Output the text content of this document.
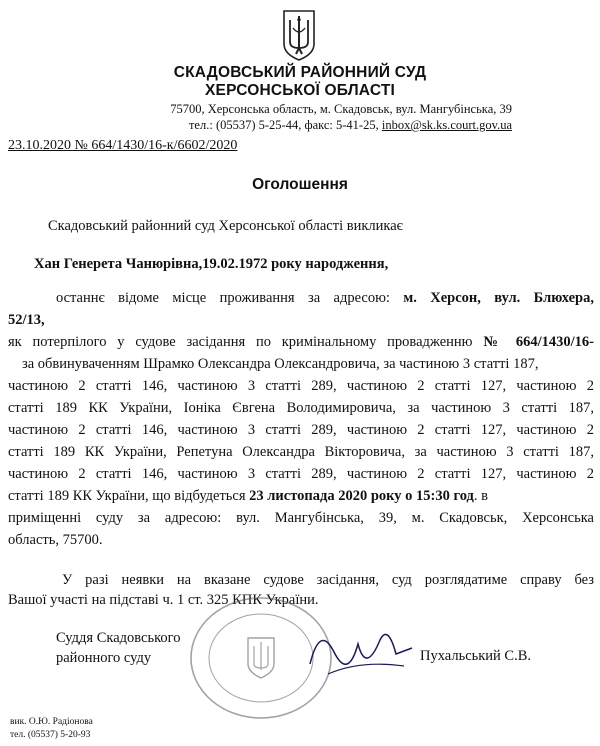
СКАДОВСЬКИЙ РАЙОННИЙ СУД
ХЕРСОНСЬКОЇ ОБЛАСТІ
75700, Херсонська область, м. Скадовськ, вул. Мангубінська, 39
тел.: (05537) 5-25-44, факс: 5-41-25, inbox@sk.ks.court.gov.ua
23.10.2020 № 664/1430/16-к/6602/2020
Оголошення
Скадовський районний суд Херсонської області викликає
Хан Генерета Чанюрівна,19.02.1972 року народження,
останнє відоме місце проживання за адресою: м. Херсон, вул. Блюхера,
52/13,
як потерпілого у судове засідання по кримінальному провадженню № 664/1430/16-
за обвинуваченням Шрамко Олександра Олександровича, за частиною 3 статті 187,
частиною 2 статті 146, частиною 3 статті 289, частиною 2 статті 127, частиною 2
статті 189 КК України, Іоніка Євгена Володимировича, за частиною 3 статті 187,
частиною 2 статті 146, частиною 3 статті 289, частиною 2 статті 127, частиною 2
статті 189 КК України, Репетуна Олександра Вікторовича, за частиною 3 статті 187,
частиною 2 статті 146, частиною 3 статті 289, частиною 2 статті 127, частиною 2
статті 189 КК України, що відбудеться 23 листопада 2020 року о 15:30 год. в
приміщенні суду за адресою: вул. Мангубінська, 39, м. Скадовськ, Херсонська
область, 75700.
У разі неявки на вказане судове засідання, суд розглядатиме справу без
Вашої участі на підставі ч. 1 ст. 325 КПК України.
Суддя Скадовського
районного суду	Пухальський С.В.
вик. О.Ю. Радіонова
тел. (05537) 5-20-93
